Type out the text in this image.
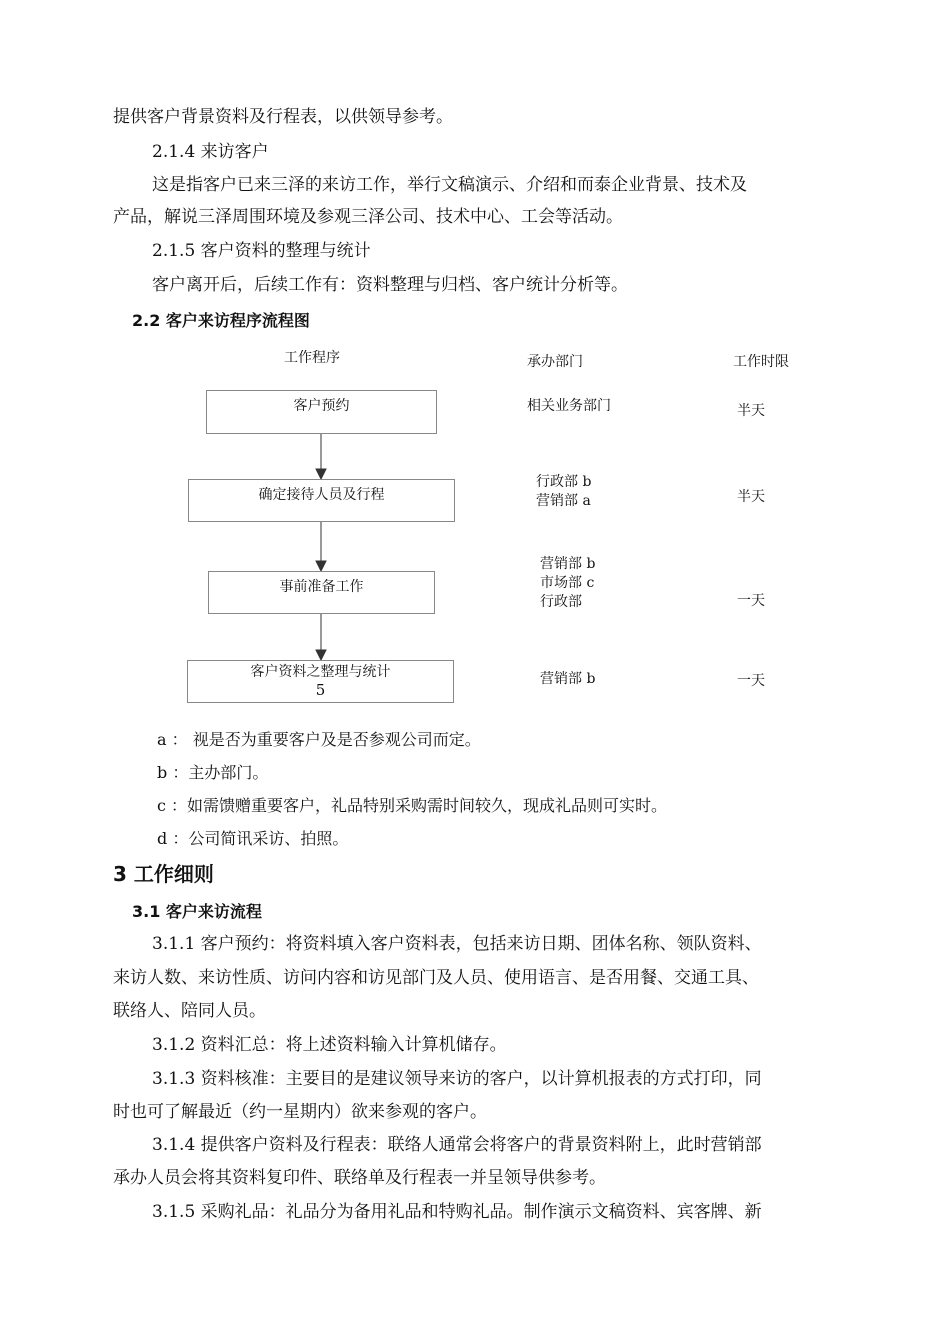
提供客户背景资料及行程表，以供领导参考。
2.1.4 来访客户
这是指客户已来三泽的来访工作，举行文稿演示、介绍和而泰企业背景、技术及
产品，解说三泽周围环境及参观三泽公司、技术中心、工会等活动。
2.1.5 客户资料的整理与统计
客户离开后，后续工作有：资料整理与归档、客户统计分析等。
2.2 客户来访程序流程图
工作程序	承办部门	工作时限
客户预约
确定接待人员及行程
事前准备工作
客户资料之整理与统计
5
相关业务部门
行政部 b
营销部 a
营销部 b
市场部 c
行政部
营销部 b
半天
半天
一天
一天
a ： 视是否为重要客户及是否参观公司而定。
b ：主办部门。
c ：如需馈赠重要客户，礼品特别采购需时间较久，现成礼品则可实时。
d ：公司简讯采访、拍照。
3 工作细则
3.1 客户来访流程
3.1.1 客户预约：将资料填入客户资料表，包括来访日期、团体名称、领队资料、
来访人数、来访性质、访问内容和访见部门及人员、使用语言、是否用餐、交通工具、
联络人、陪同人员。
3.1.2 资料汇总：将上述资料输入计算机储存。
3.1.3 资料核准：主要目的是建议领导来访的客户，以计算机报表的方式打印，同
时也可了解最近（约一星期内）欲来参观的客户。
3.1.4 提供客户资料及行程表：联络人通常会将客户的背景资料附上，此时营销部
承办人员会将其资料复印件、联络单及行程表一并呈领导供参考。
3.1.5 采购礼品：礼品分为备用礼品和特购礼品。制作演示文稿资料、宾客牌、新
